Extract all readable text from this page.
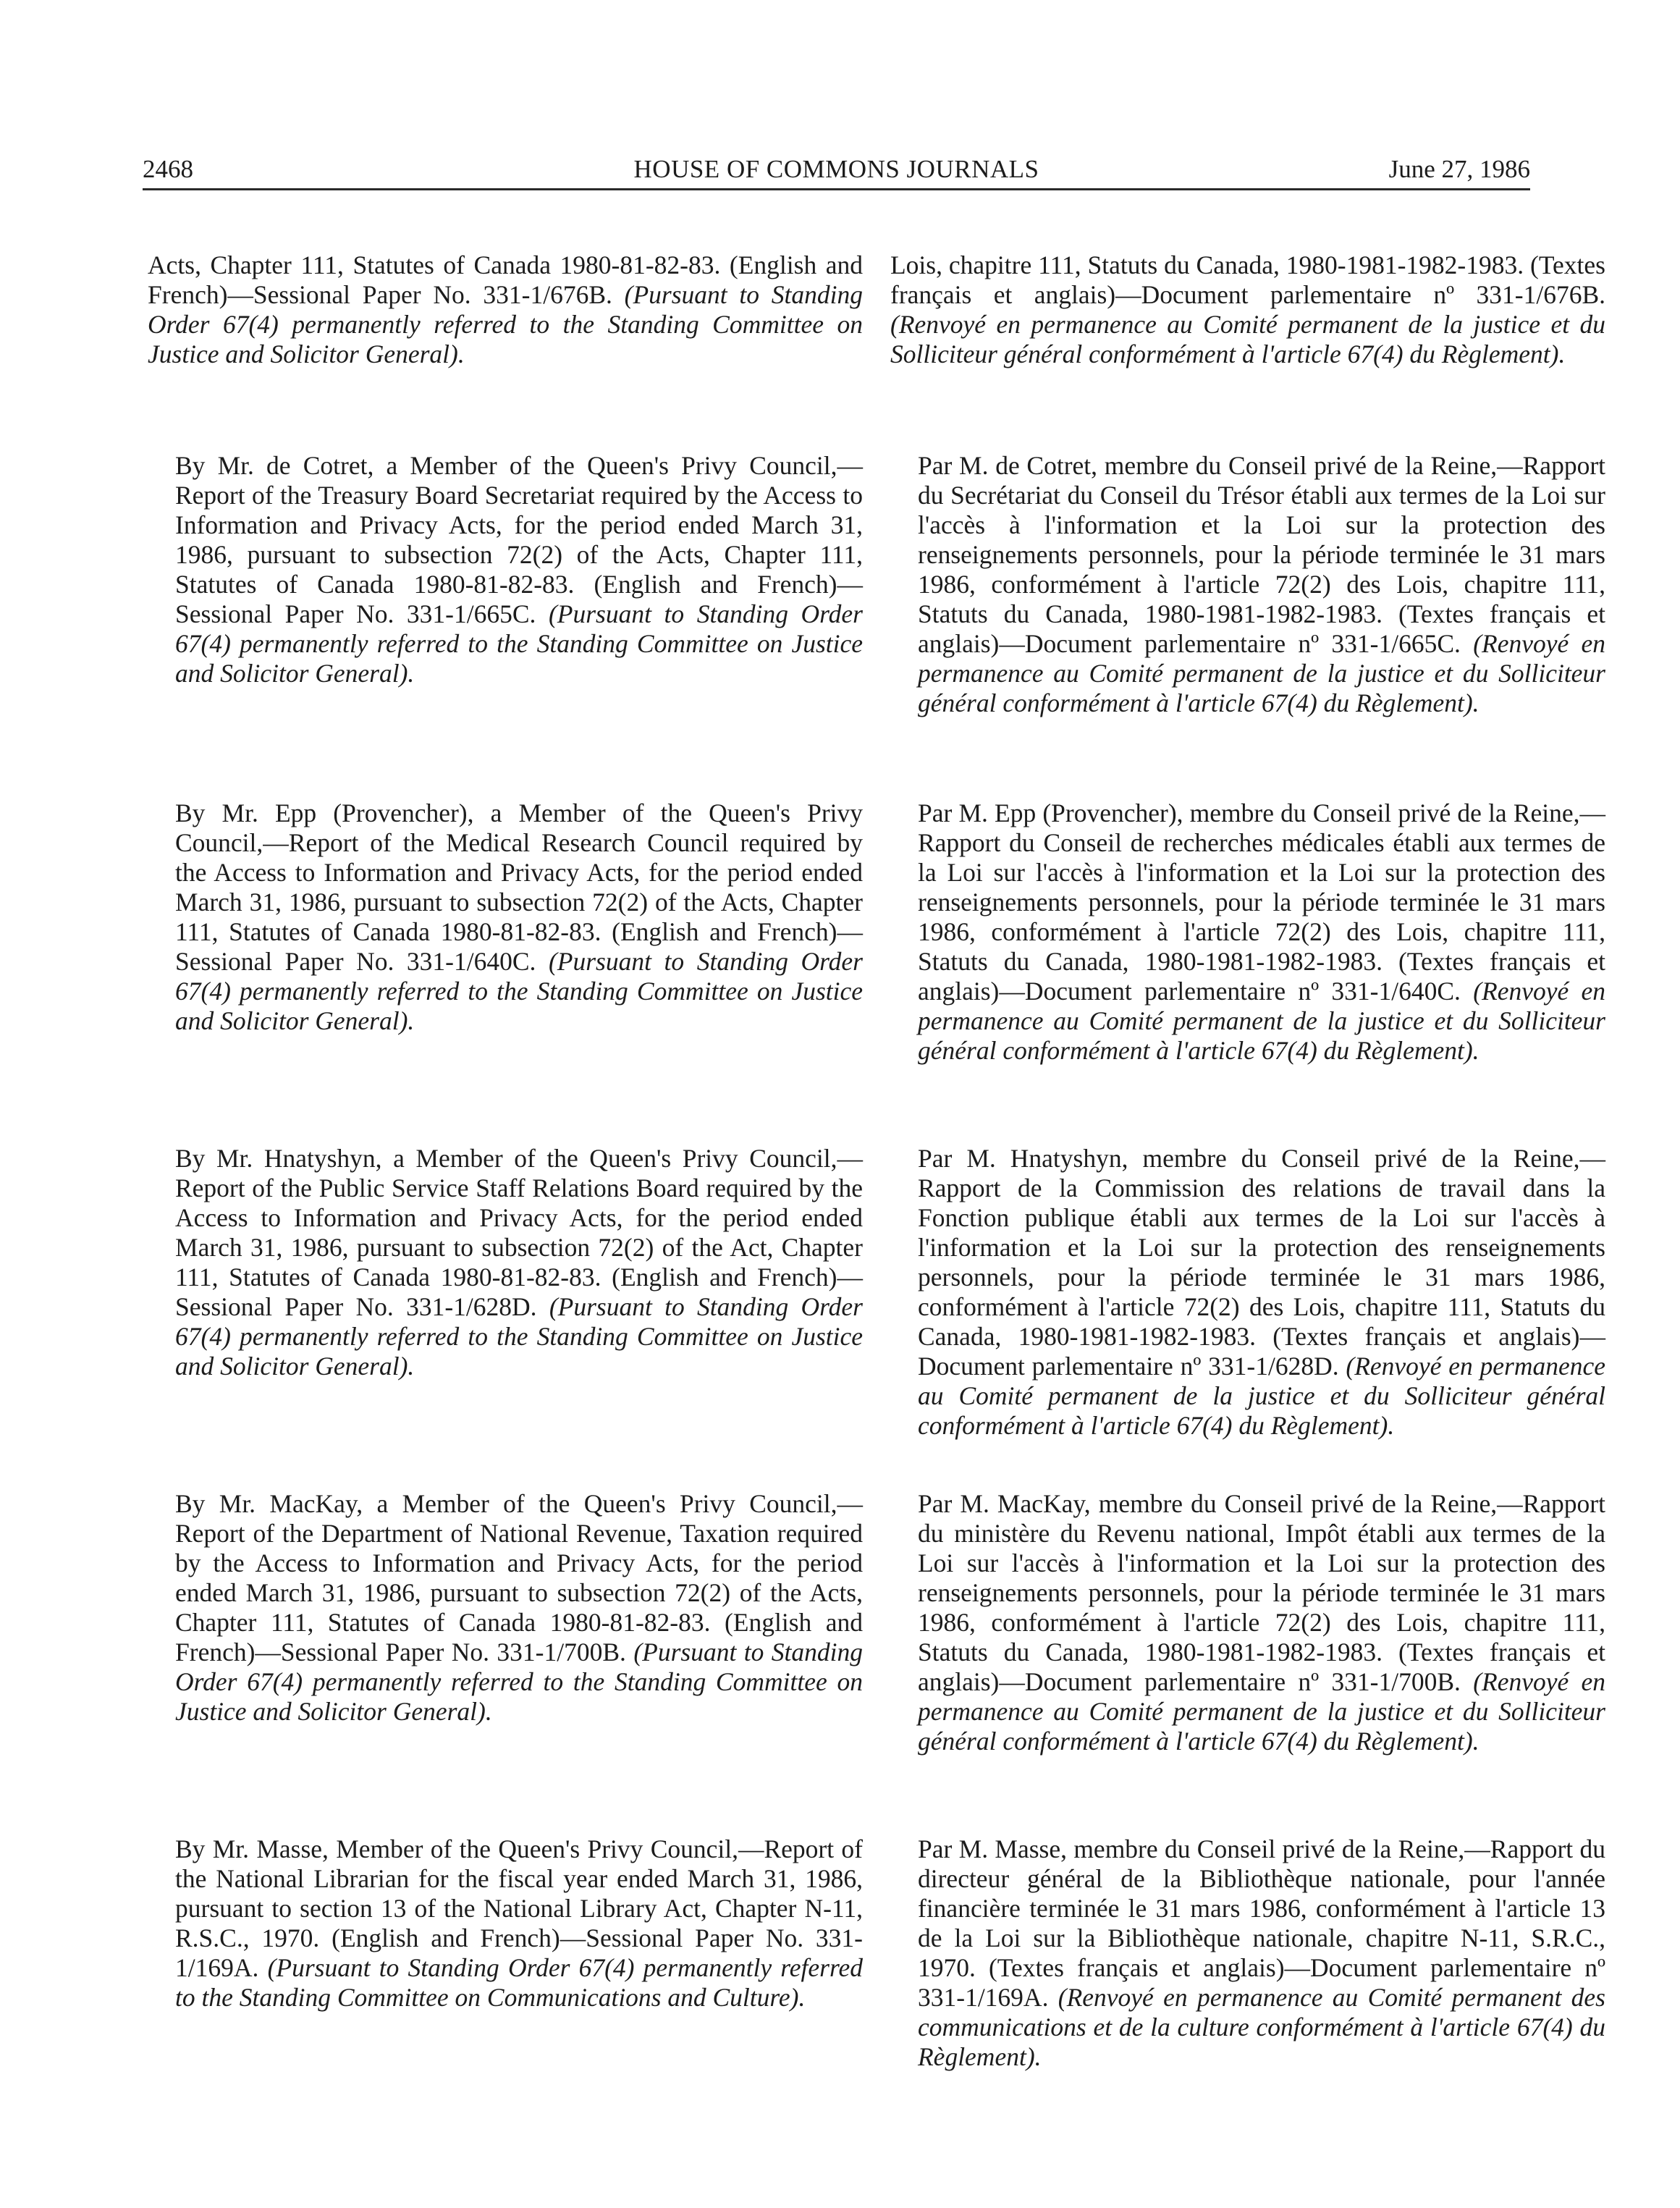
2468	HOUSE OF COMMONS JOURNALS	June 27, 1986

Acts, Chapter 111, Statutes of Canada 1980-81-82-83. (English and French)—Sessional Paper No. 331-1/676B. (Pursuant to Standing Order 67(4) permanently referred to the Standing Committee on Justice and Solicitor General).

Lois, chapitre 111, Statuts du Canada, 1980-1981-1982-1983. (Textes français et anglais)—Document parlementaire nº 331-1/676B. (Renvoyé en permanence au Comité permanent de la justice et du Solliciteur général conformément à l'article 67(4) du Règlement).

By Mr. de Cotret, a Member of the Queen's Privy Council,—Report of the Treasury Board Secretariat required by the Access to Information and Privacy Acts, for the period ended March 31, 1986, pursuant to subsection 72(2) of the Acts, Chapter 111, Statutes of Canada 1980-81-82-83. (English and French)—Sessional Paper No. 331-1/665C. (Pursuant to Standing Order 67(4) permanently referred to the Standing Committee on Justice and Solicitor General).

Par M. de Cotret, membre du Conseil privé de la Reine,—Rapport du Secrétariat du Conseil du Trésor établi aux termes de la Loi sur l'accès à l'information et la Loi sur la protection des renseignements personnels, pour la période terminée le 31 mars 1986, conformément à l'article 72(2) des Lois, chapitre 111, Statuts du Canada, 1980-1981-1982-1983. (Textes français et anglais)—Document parlementaire nº 331-1/665C. (Renvoyé en permanence au Comité permanent de la justice et du Solliciteur général conformément à l'article 67(4) du Règlement).

By Mr. Epp (Provencher), a Member of the Queen's Privy Council,—Report of the Medical Research Council required by the Access to Information and Privacy Acts, for the period ended March 31, 1986, pursuant to subsection 72(2) of the Acts, Chapter 111, Statutes of Canada 1980-81-82-83. (English and French)—Sessional Paper No. 331-1/640C. (Pursuant to Standing Order 67(4) permanently referred to the Standing Committee on Justice and Solicitor General).

Par M. Epp (Provencher), membre du Conseil privé de la Reine,—Rapport du Conseil de recherches médicales établi aux termes de la Loi sur l'accès à l'information et la Loi sur la protection des renseignements personnels, pour la période terminée le 31 mars 1986, conformément à l'article 72(2) des Lois, chapitre 111, Statuts du Canada, 1980-1981-1982-1983. (Textes français et anglais)—Document parlementaire nº 331-1/640C. (Renvoyé en permanence au Comité permanent de la justice et du Solliciteur général conformément à l'article 67(4) du Règlement).

By Mr. Hnatyshyn, a Member of the Queen's Privy Council,—Report of the Public Service Staff Relations Board required by the Access to Information and Privacy Acts, for the period ended March 31, 1986, pursuant to subsection 72(2) of the Act, Chapter 111, Statutes of Canada 1980-81-82-83. (English and French)—Sessional Paper No. 331-1/628D. (Pursuant to Standing Order 67(4) permanently referred to the Standing Committee on Justice and Solicitor General).

Par M. Hnatyshyn, membre du Conseil privé de la Reine,—Rapport de la Commission des relations de travail dans la Fonction publique établi aux termes de la Loi sur l'accès à l'information et la Loi sur la protection des renseignements personnels, pour la période terminée le 31 mars 1986, conformément à l'article 72(2) des Lois, chapitre 111, Statuts du Canada, 1980-1981-1982-1983. (Textes français et anglais)—Document parlementaire nº 331-1/628D. (Renvoyé en permanence au Comité permanent de la justice et du Solliciteur général conformément à l'article 67(4) du Règlement).

By Mr. MacKay, a Member of the Queen's Privy Council,—Report of the Department of National Revenue, Taxation required by the Access to Information and Privacy Acts, for the period ended March 31, 1986, pursuant to subsection 72(2) of the Acts, Chapter 111, Statutes of Canada 1980-81-82-83. (English and French)—Sessional Paper No. 331-1/700B. (Pursuant to Standing Order 67(4) permanently referred to the Standing Committee on Justice and Solicitor General).

Par M. MacKay, membre du Conseil privé de la Reine,—Rapport du ministère du Revenu national, Impôt établi aux termes de la Loi sur l'accès à l'information et la Loi sur la protection des renseignements personnels, pour la période terminée le 31 mars 1986, conformément à l'article 72(2) des Lois, chapitre 111, Statuts du Canada, 1980-1981-1982-1983. (Textes français et anglais)—Document parlementaire nº 331-1/700B. (Renvoyé en permanence au Comité permanent de la justice et du Solliciteur général conformément à l'article 67(4) du Règlement).

By Mr. Masse, Member of the Queen's Privy Council,—Report of the National Librarian for the fiscal year ended March 31, 1986, pursuant to section 13 of the National Library Act, Chapter N-11, R.S.C., 1970. (English and French)—Sessional Paper No. 331-1/169A. (Pursuant to Standing Order 67(4) permanently referred to the Standing Committee on Communications and Culture).

Par M. Masse, membre du Conseil privé de la Reine,—Rapport du directeur général de la Bibliothèque nationale, pour l'année financière terminée le 31 mars 1986, conformément à l'article 13 de la Loi sur la Bibliothèque nationale, chapitre N-11, S.R.C., 1970. (Textes français et anglais)—Document parlementaire nº 331-1/169A. (Renvoyé en permanence au Comité permanent des communications et de la culture conformément à l'article 67(4) du Règlement).
